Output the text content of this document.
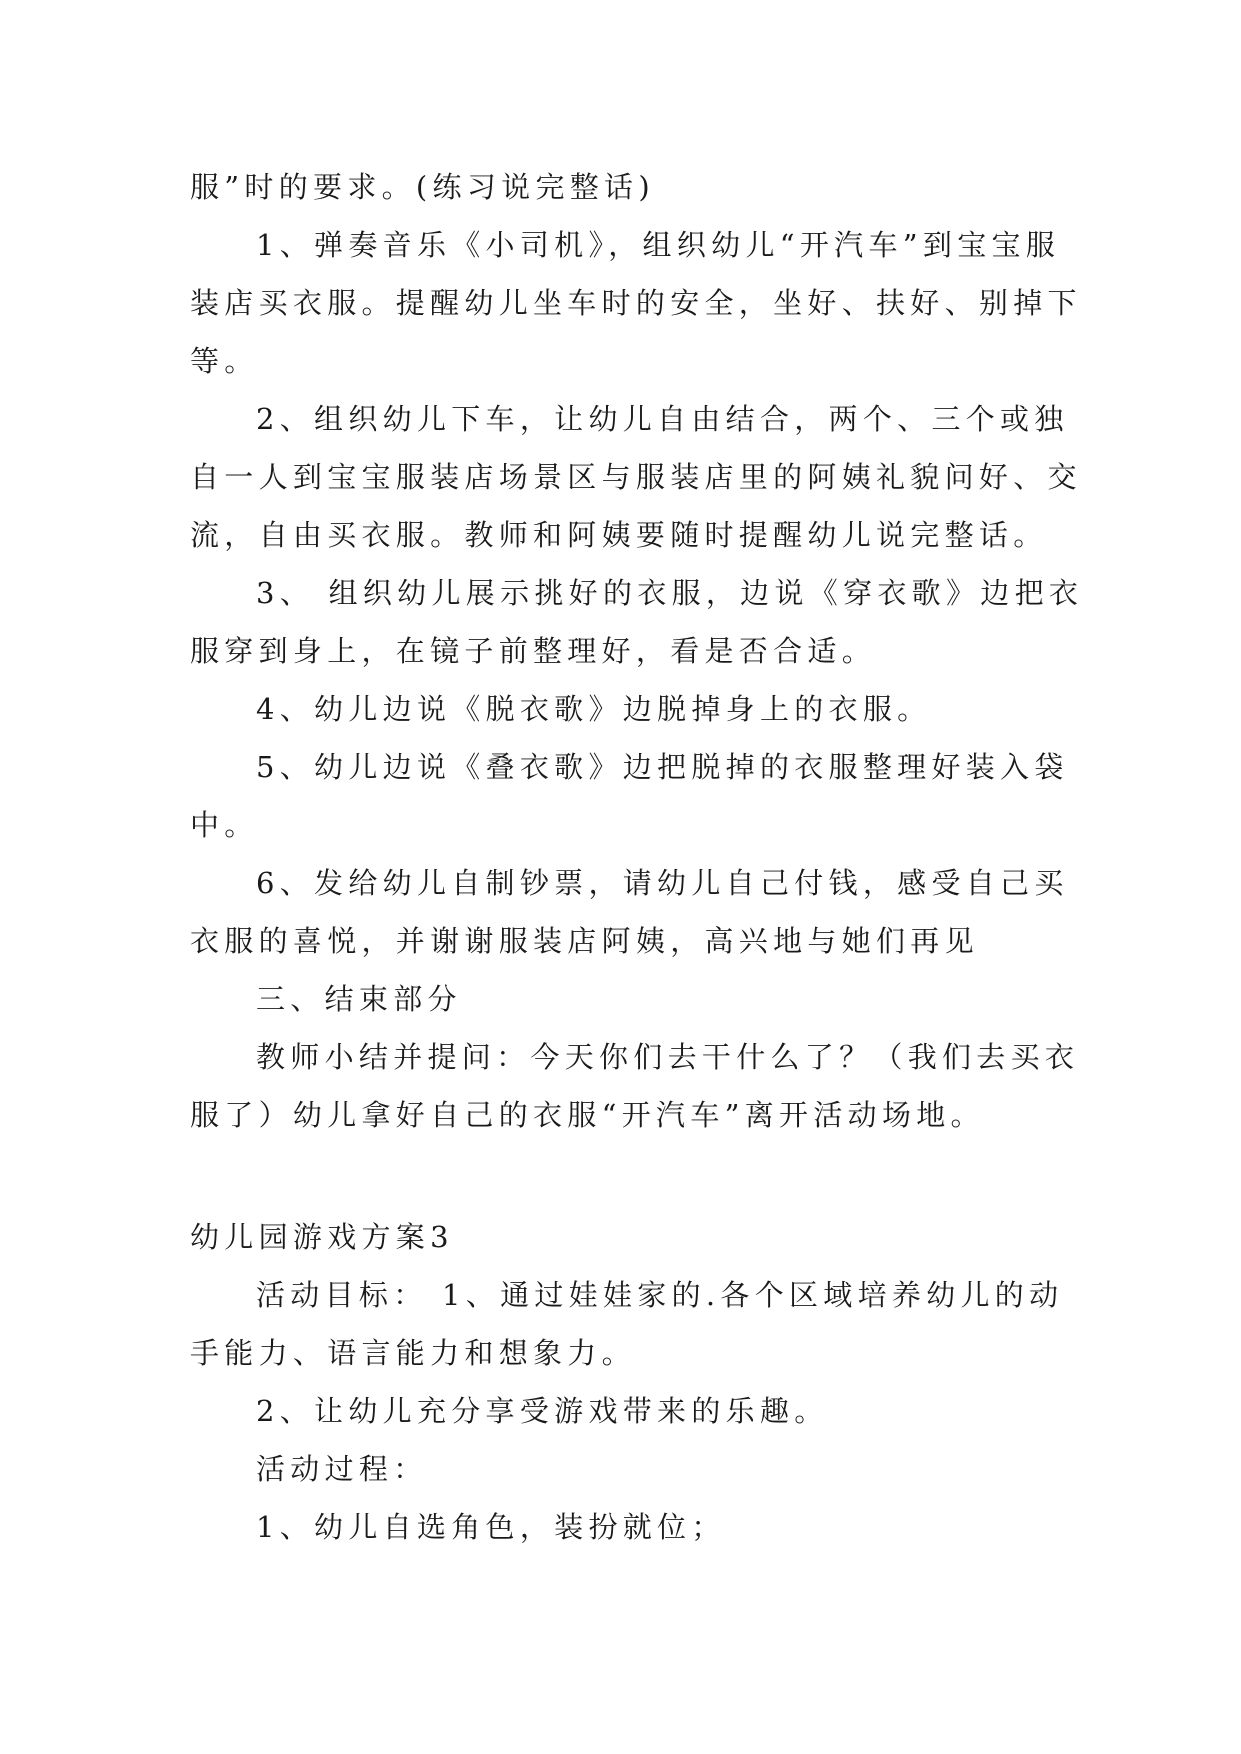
服”时的要求。(练习说完整话)
1、弹奏音乐《小司机》，组织幼儿“开汽车”到宝宝服
装店买衣服。提醒幼儿坐车时的安全，坐好、扶好、别掉下
等。
2、组织幼儿下车，让幼儿自由结合，两个、三个或独
自一人到宝宝服装店场景区与服装店里的阿姨礼貌问好、交
流，自由买衣服。教师和阿姨要随时提醒幼儿说完整话。
3、 组织幼儿展示挑好的衣服，边说《穿衣歌》边把衣
服穿到身上，在镜子前整理好，看是否合适。
4、幼儿边说《脱衣歌》边脱掉身上的衣服。
5、幼儿边说《叠衣歌》边把脱掉的衣服整理好装入袋
中。
6、发给幼儿自制钞票，请幼儿自己付钱，感受自己买
衣服的喜悦，并谢谢服装店阿姨，高兴地与她们再见
三、结束部分
教师小结并提问：今天你们去干什么了？（我们去买衣
服了）幼儿拿好自己的衣服“开汽车”离开活动场地。
幼儿园游戏方案3
活动目标： 1、通过娃娃家的.各个区域培养幼儿的动
手能力、语言能力和想象力。
2、让幼儿充分享受游戏带来的乐趣。
活动过程：
1、幼儿自选角色，装扮就位；
